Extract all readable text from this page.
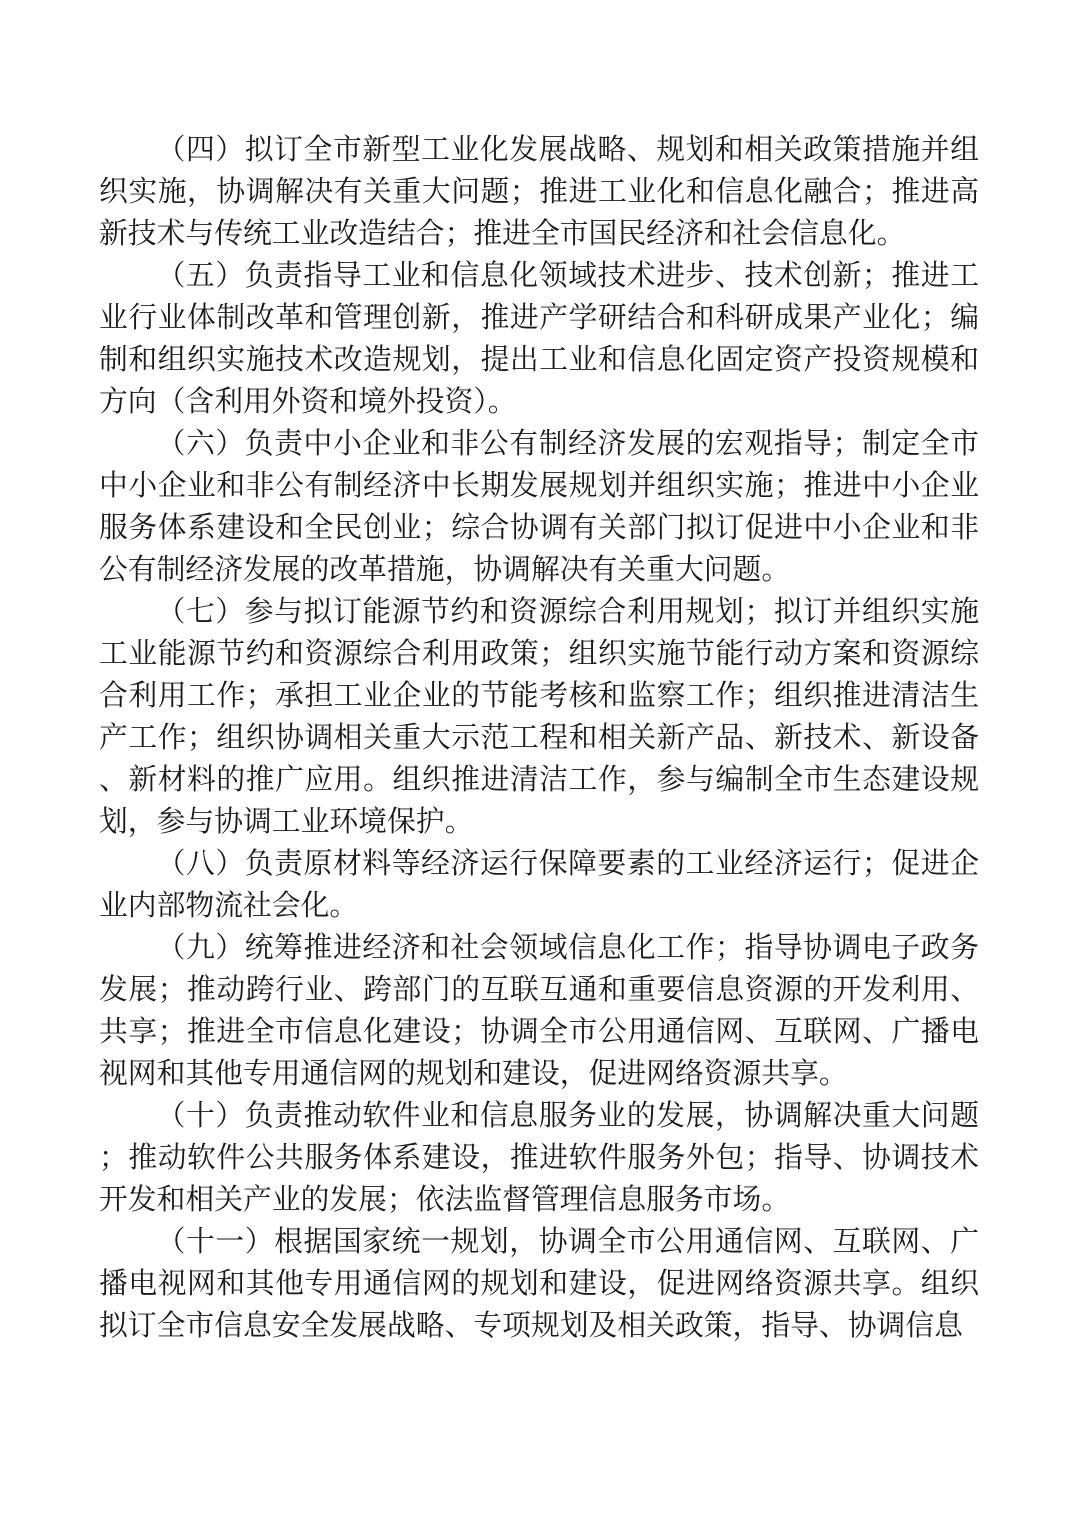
（四）拟订全市新型工业化发展战略、规划和相关政策措施并组织实施，协调解决有关重大问题；推进工业化和信息化融合；推进高新技术与传统工业改造结合；推进全市国民经济和社会信息化。

（五）负责指导工业和信息化领域技术进步、技术创新；推进工业行业体制改革和管理创新，推进产学研结合和科研成果产业化；编制和组织实施技术改造规划，提出工业和信息化固定资产投资规模和方向（含利用外资和境外投资）。

（六）负责中小企业和非公有制经济发展的宏观指导；制定全市中小企业和非公有制经济中长期发展规划并组织实施；推进中小企业服务体系建设和全民创业；综合协调有关部门拟订促进中小企业和非公有制经济发展的改革措施，协调解决有关重大问题。

（七）参与拟订能源节约和资源综合利用规划；拟订并组织实施工业能源节约和资源综合利用政策；组织实施节能行动方案和资源综合利用工作；承担工业企业的节能考核和监察工作；组织推进清洁生产工作；组织协调相关重大示范工程和相关新产品、新技术、新设备、新材料的推广应用。组织推进清洁工作，参与编制全市生态建设规划，参与协调工业环境保护。

（八）负责原材料等经济运行保障要素的工业经济运行；促进企业内部物流社会化。

（九）统筹推进经济和社会领域信息化工作；指导协调电子政务发展；推动跨行业、跨部门的互联互通和重要信息资源的开发利用、共享；推进全市信息化建设；协调全市公用通信网、互联网、广播电视网和其他专用通信网的规划和建设，促进网络资源共享。

（十）负责推动软件业和信息服务业的发展，协调解决重大问题；推动软件公共服务体系建设，推进软件服务外包；指导、协调技术开发和相关产业的发展；依法监督管理信息服务市场。

（十一）根据国家统一规划，协调全市公用通信网、互联网、广播电视网和其他专用通信网的规划和建设，促进网络资源共享。组织拟订全市信息安全发展战略、专项规划及相关政策，指导、协调信息
